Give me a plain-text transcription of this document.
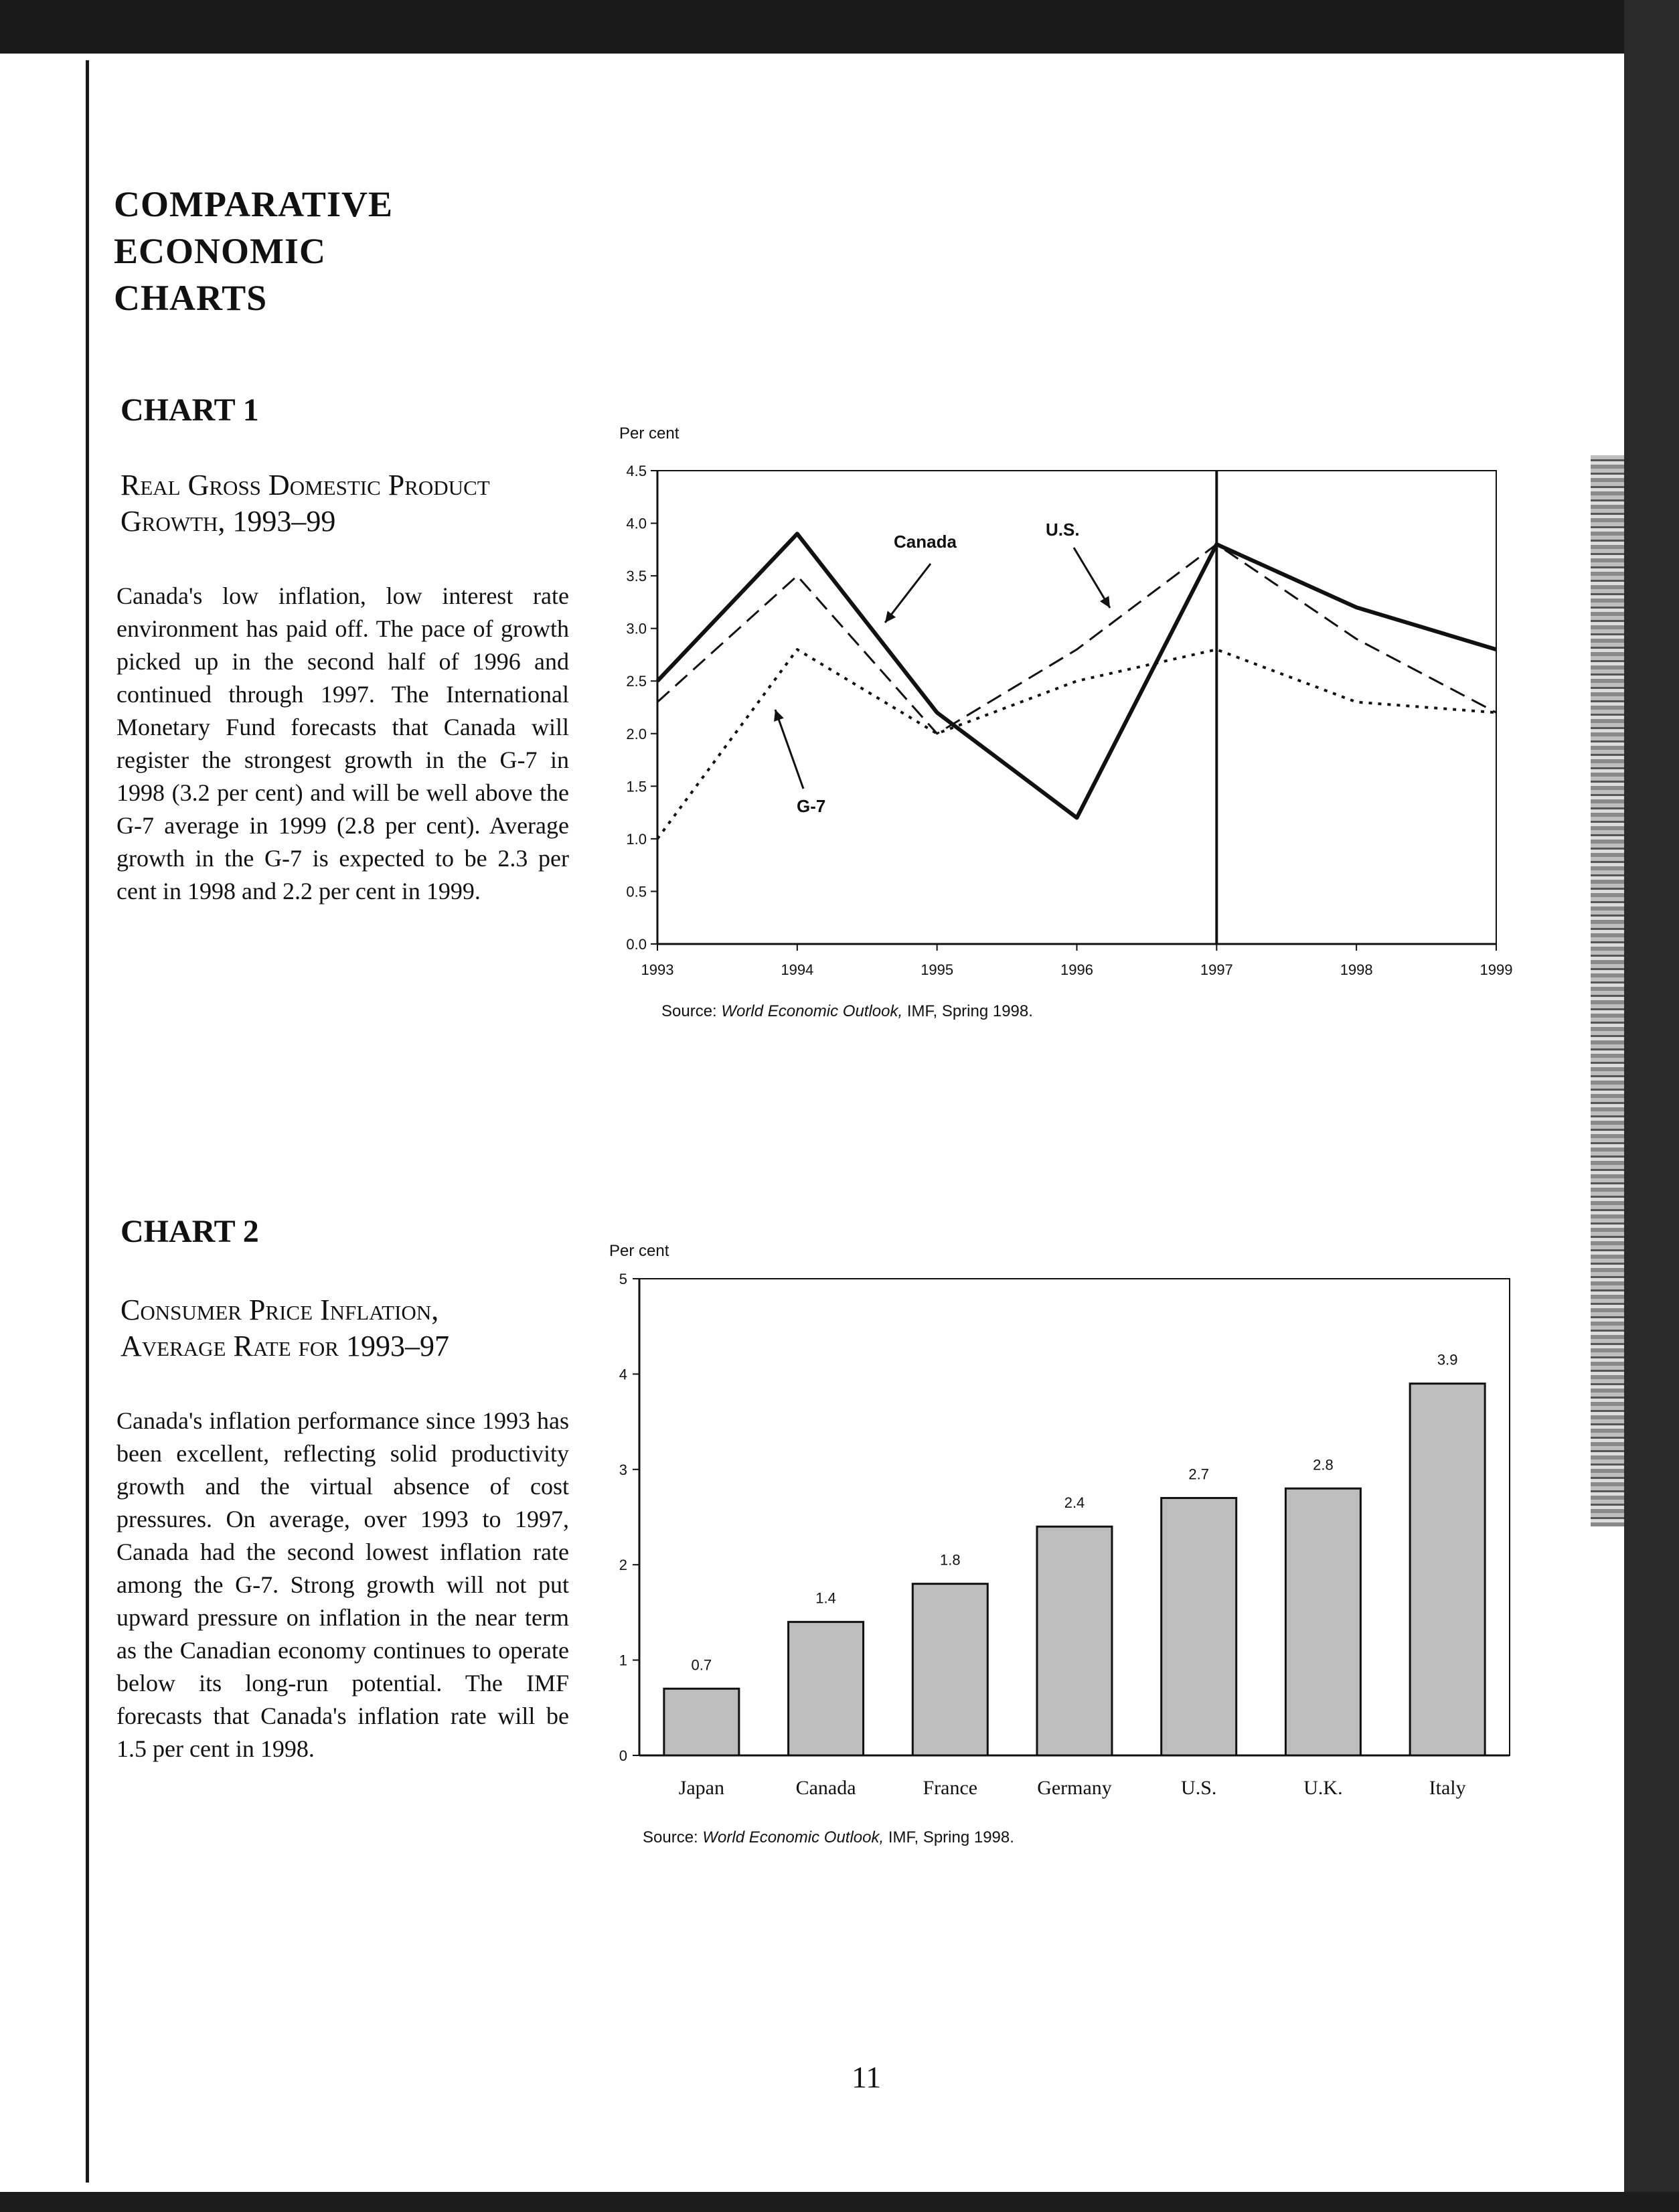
COMPARATIVE
ECONOMIC
CHARTS
CHART 1
Real Gross Domestic Product
Growth, 1993–99
Canada's low inflation, low interest rate environment has paid off. The pace of growth picked up in the second half of 1996 and continued through 1997. The International Monetary Fund forecasts that Canada will register the strongest growth in the G-7 in 1998 (3.2 per cent) and will be well above the G-7 average in 1999 (2.8 per cent). Average growth in the G-7 is expected to be 2.3 per cent in 1998 and 2.2 per cent in 1999.
CHART 2
Consumer Price Inflation,
Average Rate for 1993–97
Canada's inflation performance since 1993 has been excellent, reflecting solid productivity growth and the virtual absence of cost pressures. On average, over 1993 to 1997, Canada had the second lowest inflation rate among the G-7. Strong growth will not put upward pressure on inflation in the near term as the Canadian economy continues to operate below its long-run potential. The IMF forecasts that Canada's inflation rate will be 1.5 per cent in 1998.
11
Per cent
0.0
0.5
1.0
1.5
2.0
2.5
3.0
3.5
4.0
4.5
1993	1994	1995	1996	1997	1998	1999
Canada
U.S.
G-7
Source: World Economic Outlook, IMF, Spring 1998.
Per cent
0
1
2
3
4
5
0.7
Japan
1.4
Canada
1.8
France
2.4
Germany
2.7
U.S.
2.8
U.K.
3.9
Italy
Source: World Economic Outlook, IMF, Spring 1998.
